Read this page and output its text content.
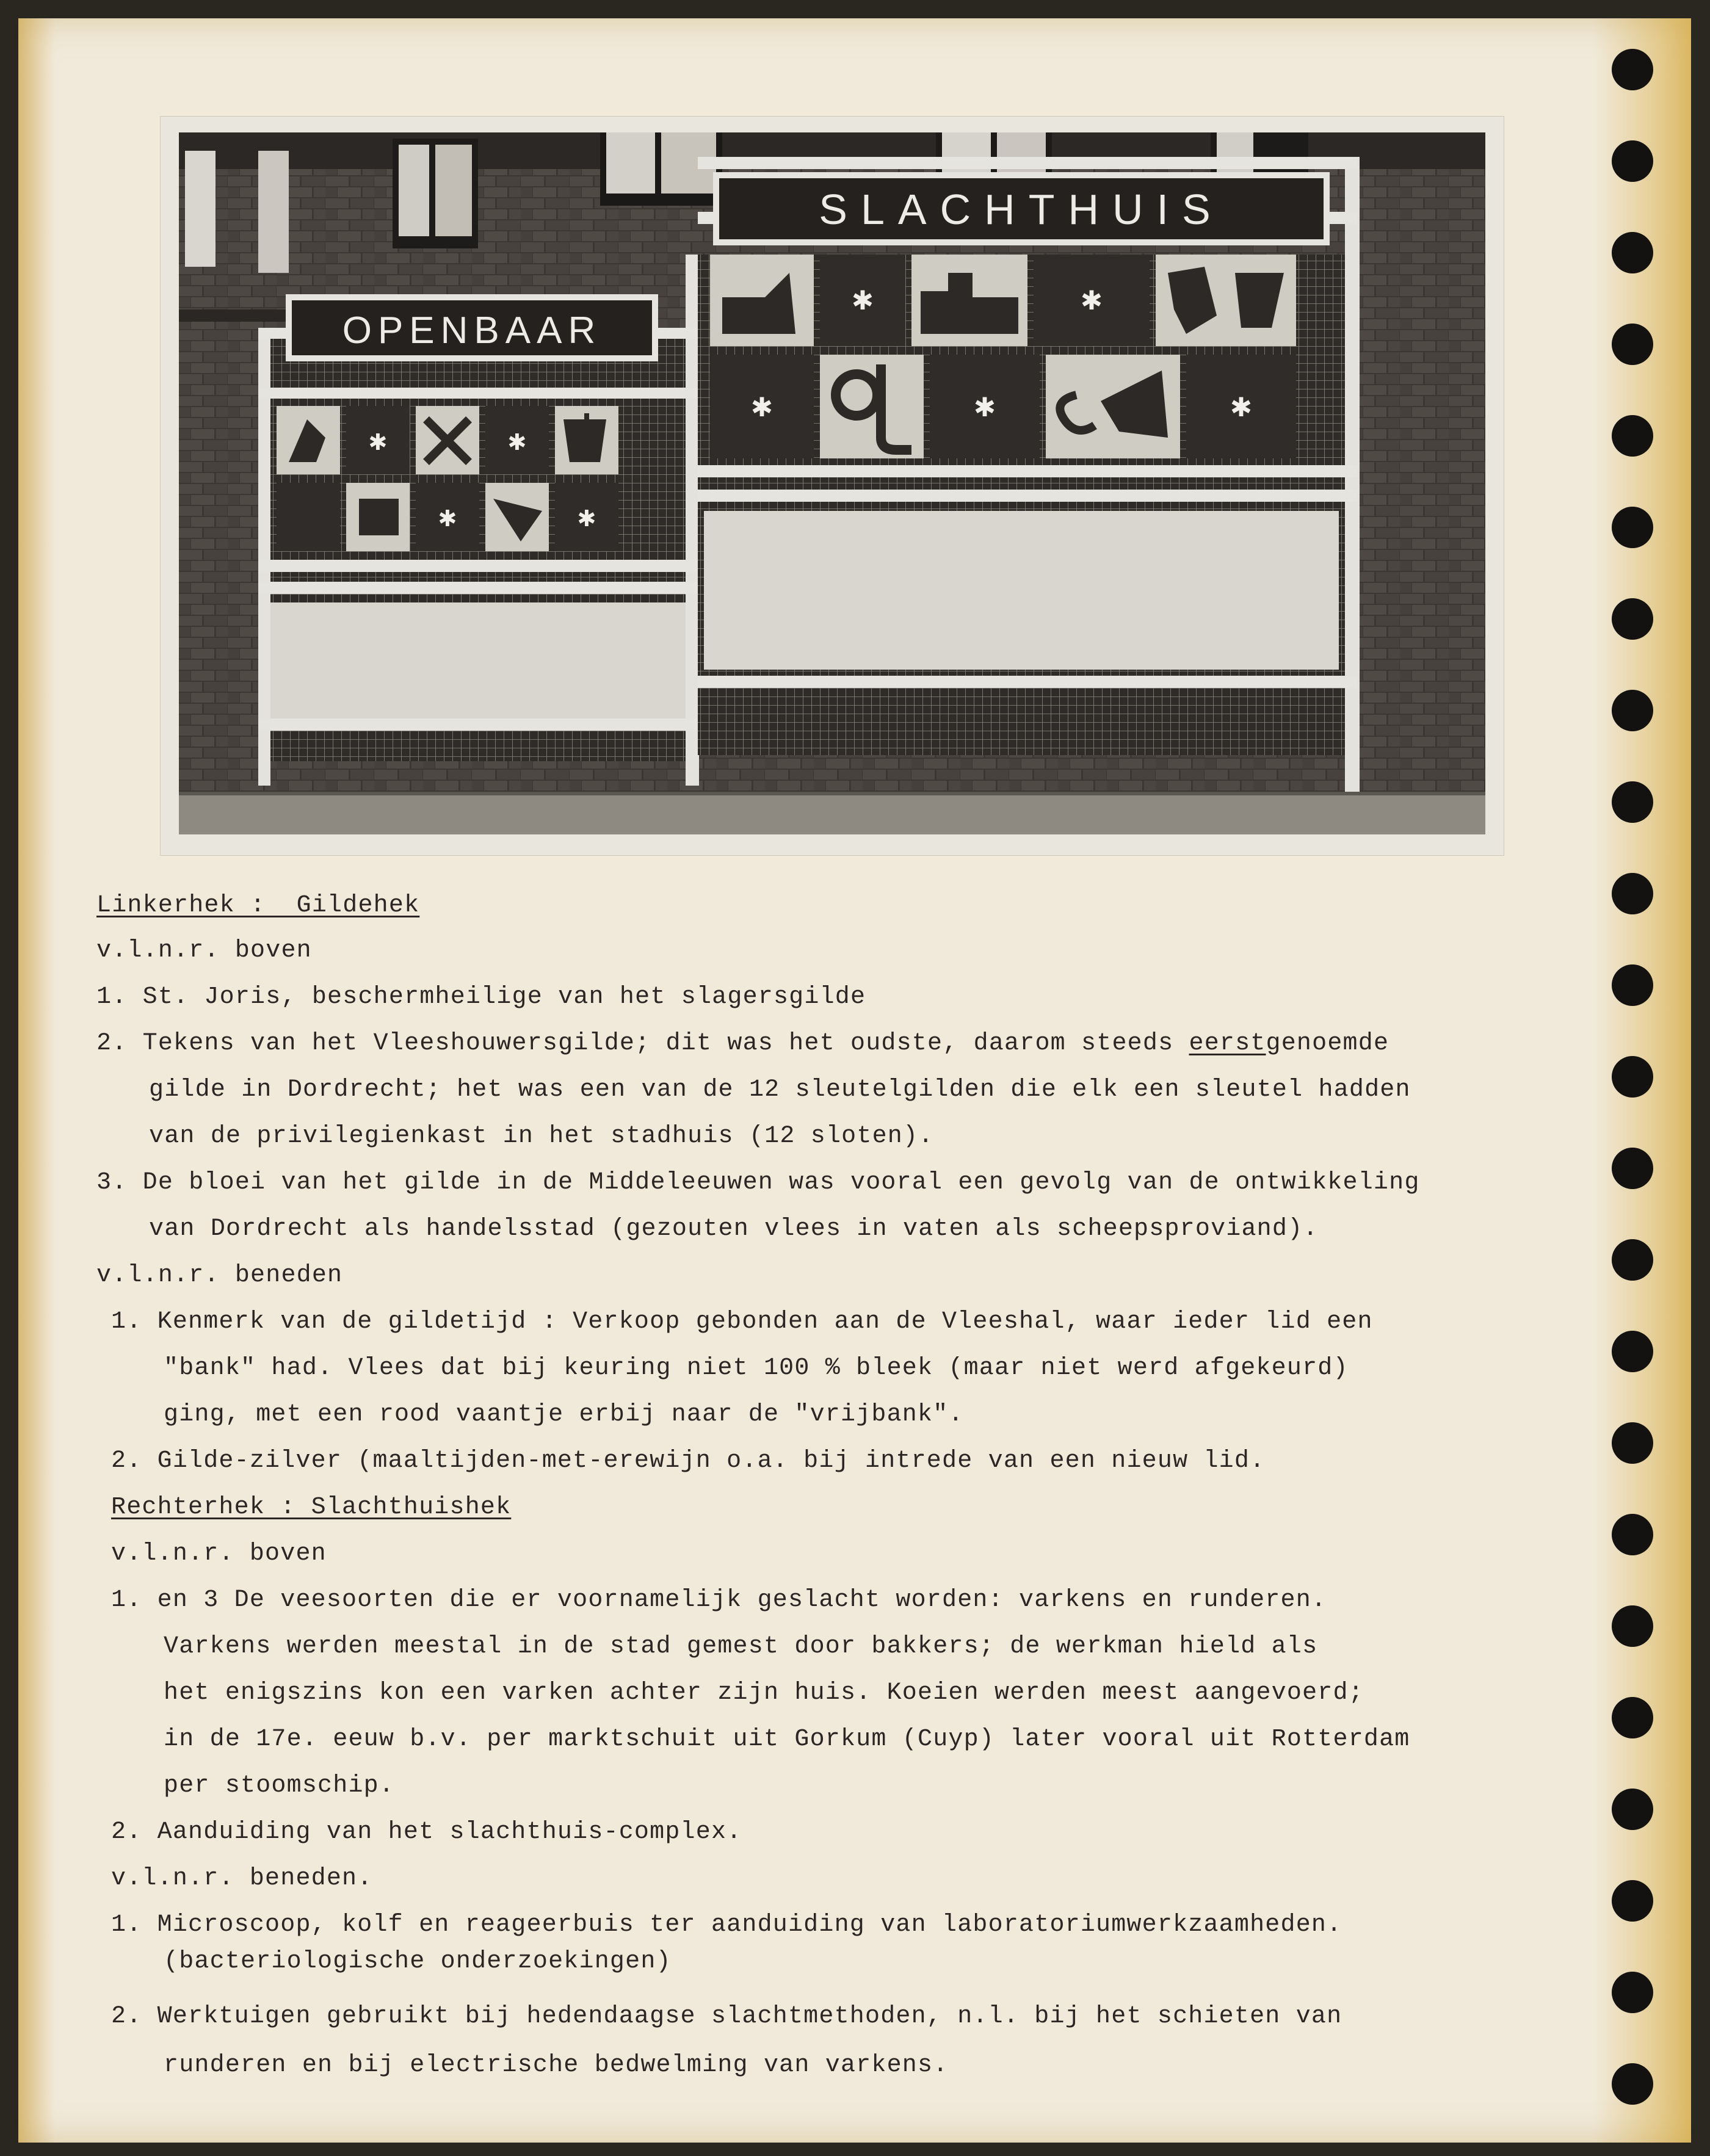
OPENBAAR
✱	✱
✱	✱
SLACHTHUIS
✱	✱
✱	✱	✱
Linkerhek :  Gildehek
v.l.n.r. boven
1. St. Joris, beschermheilige van het slagersgilde
2. Tekens van het Vleeshouwersgilde; dit was het oudste, daarom steeds eerstgenoemde
gilde in Dordrecht; het was een van de 12 sleutelgilden die elk een sleutel hadden
van de privilegienkast in het stadhuis (12 sloten).
3. De bloei van het gilde in de Middeleeuwen was vooral een gevolg van de ontwikkeling
van Dordrecht als handelsstad (gezouten vlees in vaten als scheepsproviand).
v.l.n.r. beneden
1. Kenmerk van de gildetijd : Verkoop gebonden aan de Vleeshal, waar ieder lid een
"bank" had. Vlees dat bij keuring niet 100 % bleek (maar niet werd afgekeurd)
ging, met een rood vaantje erbij naar de "vrijbank".
2. Gilde-zilver (maaltijden-met-erewijn o.a. bij intrede van een nieuw lid.
Rechterhek : Slachthuishek
v.l.n.r. boven
1. en 3 De veesoorten die er voornamelijk geslacht worden: varkens en runderen.
Varkens werden meestal in de stad gemest door bakkers; de werkman hield als
het enigszins kon een varken achter zijn huis. Koeien werden meest aangevoerd;
in de 17e. eeuw b.v. per marktschuit uit Gorkum (Cuyp) later vooral uit Rotterdam
per stoomschip.
2. Aanduiding van het slachthuis-complex.
v.l.n.r. beneden.
1. Microscoop, kolf en reageerbuis ter aanduiding van laboratoriumwerkzaamheden.
(bacteriologische onderzoekingen)
2. Werktuigen gebruikt bij hedendaagse slachtmethoden, n.l. bij het schieten van
runderen en bij electrische bedwelming van varkens.
